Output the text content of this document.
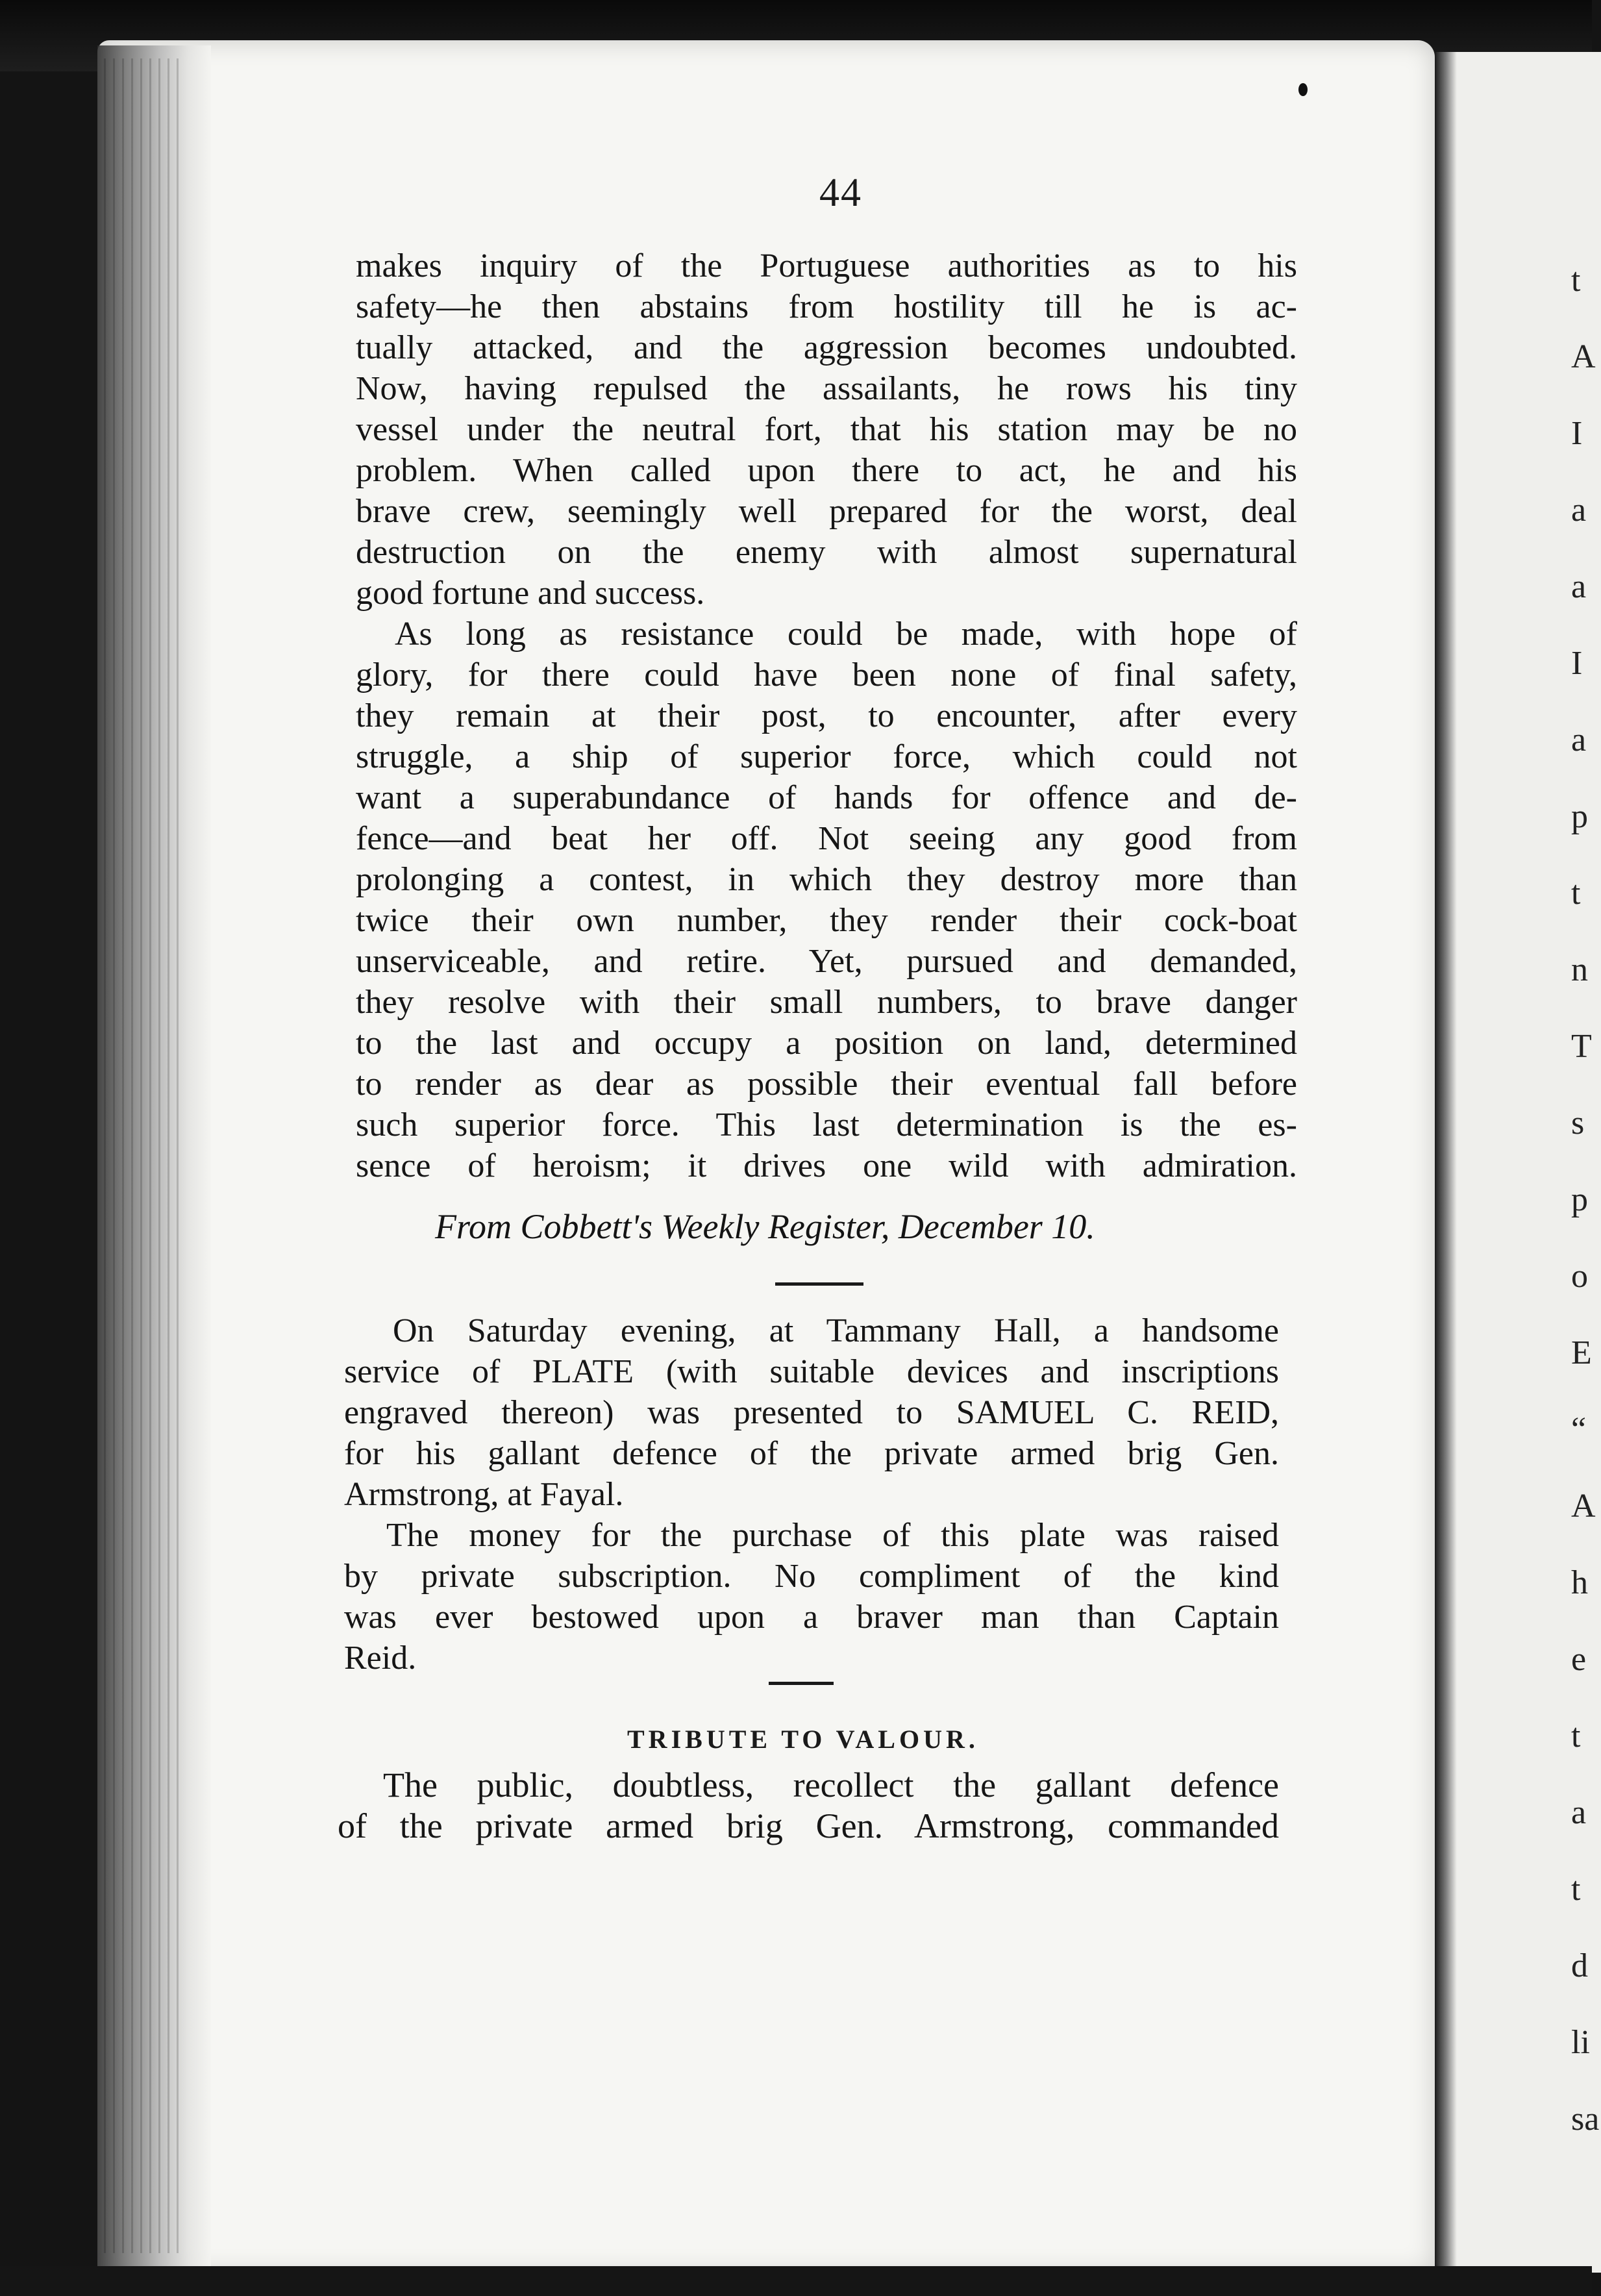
t
A
I
a
a
I
a
p
t
n
T
s
p
o
E
“
A
h
e
t
a
t
d
li
sa
44
makes inquiry of the Portuguese authorities as to his
safety—he then abstains from hostility till he is ac-
tually attacked, and the aggression becomes undoubted.
Now, having repulsed the assailants, he rows his tiny
vessel under the neutral fort, that his station may be no
problem. When called upon there to act, he and his
brave crew, seemingly well prepared for the worst, deal
destruction on the enemy with almost supernatural
good fortune and success.
As long as resistance could be made, with hope of
glory, for there could have been none of final safety,
they remain at their post, to encounter, after every
struggle, a ship of superior force, which could not
want a superabundance of hands for offence and de-
fence—and beat her off. Not seeing any good from
prolonging a contest, in which they destroy more than
twice their own number, they render their cock-boat
unserviceable, and retire. Yet, pursued and demanded,
they resolve with their small numbers, to brave danger
to the last and occupy a position on land, determined
to render as dear as possible their eventual fall before
such superior force. This last determination is the es-
sence of heroism; it drives one wild with admiration.
From Cobbett's Weekly Register, December 10.
On Saturday evening, at Tammany Hall, a handsome
service of PLATE (with suitable devices and inscriptions
engraved thereon) was presented to SAMUEL C. REID,
for his gallant defence of the private armed brig Gen.
Armstrong, at Fayal.
The money for the purchase of this plate was raised
by private subscription. No compliment of the kind
was ever bestowed upon a braver man than Captain
Reid.
TRIBUTE TO VALOUR.
The public, doubtless, recollect the gallant defence
of the private armed brig Gen. Armstrong, commanded
